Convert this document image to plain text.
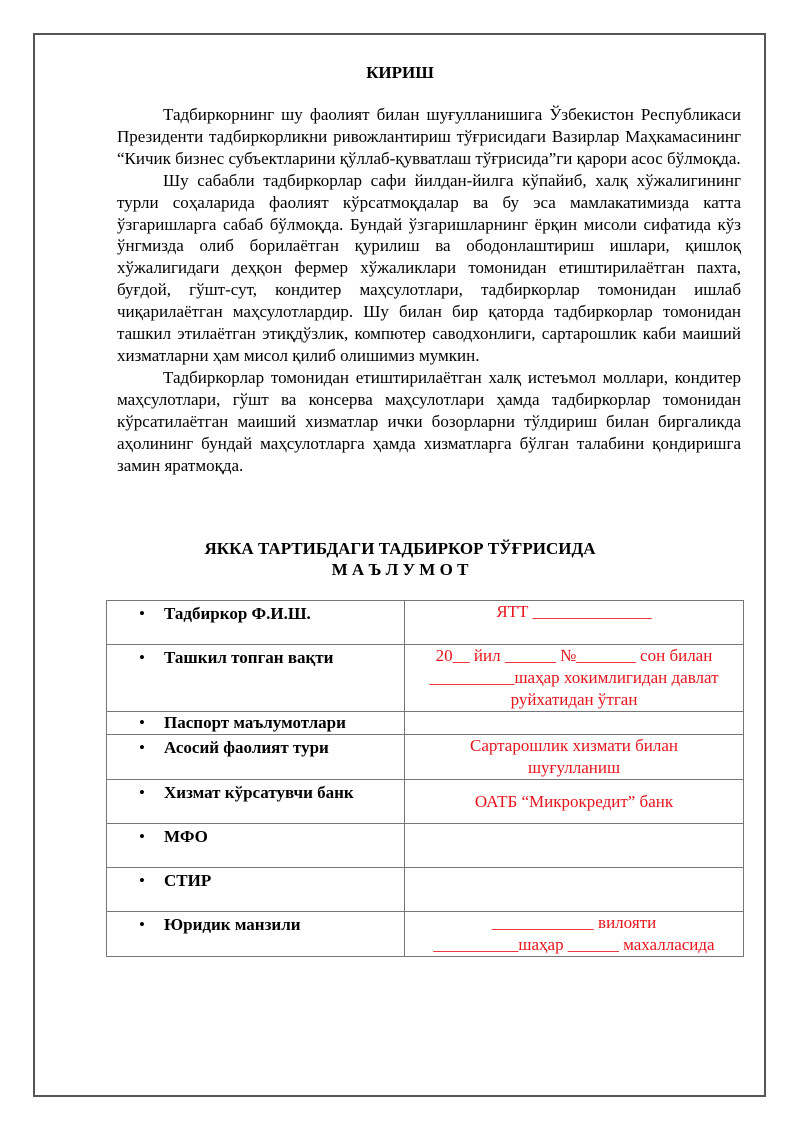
КИРИШ

Тадбиркорнинг шу фаолият билан шуғулланишига Ўзбекистон Республикаси Президенти тадбиркорликни ривожлантириш тўғрисидаги Вазирлар Маҳкамасининг “Кичик бизнес субъектларини қўллаб-қувватлаш тўғрисида”ги қарори асос бўлмоқда.

Шу сабабли тадбиркорлар сафи йилдан-йилга кўпайиб, халқ хўжалигининг турли соҳаларида фаолият кўрсатмоқдалар ва бу эса мамлакатимизда катта ўзгаришларга сабаб бўлмоқда. Бундай ўзгаришларнинг ёрқин мисоли сифатида кўз ўнгмизда олиб борилаётган қурилиш ва ободонлаштириш ишлари, қишлоқ хўжалигидаги деҳқон фермер хўжаликлари томонидан етиштирилаётган пахта, буғдой, гўшт-сут, кондитер маҳсулотлари, тадбиркорлар томонидан ишлаб чиқарилаётган маҳсулотлардир. Шу билан бир қаторда тадбиркорлар томонидан ташкил этилаётган этиқдўзлик, компютер саводхонлиги, сартарошлик каби маиший хизматларни ҳам мисол қилиб олишимиз мумкин.

Тадбиркорлар томонидан етиштирилаётган халқ истеъмол моллари, кондитер маҳсулотлари, гўшт ва консерва маҳсулотлари ҳамда тадбиркорлар томонидан кўрсатилаётган маиший хизматлар ички бозорларни тўлдириш билан биргаликда аҳолининг бундай маҳсулотларга ҳамда хизматларга бўлган талабини қондиришга замин яратмоқда.

ЯККА ТАРТИБДАГИ ТАДБИРКОР ТЎҒРИСИДА
М А Ъ Л У М О Т
• Тадбиркор Ф.И.Ш.	ЯТТ ______________

• Ташкил топган вақти	20__ йил ______ №_______ сон билан
__________шаҳар хокимлигидан давлат
руйхатидан ўтган

• Паспорт маълумотлари	

• Асосий фаолият тури	Сартарошлик хизмати билан
шуғулланиш

• Хизмат кўрсатувчи банк	ОАТБ “Микрокредит” банк

• МФО	

• СТИР	

• Юридик манзили	____________ вилояти
__________шаҳар ______ махалласида
